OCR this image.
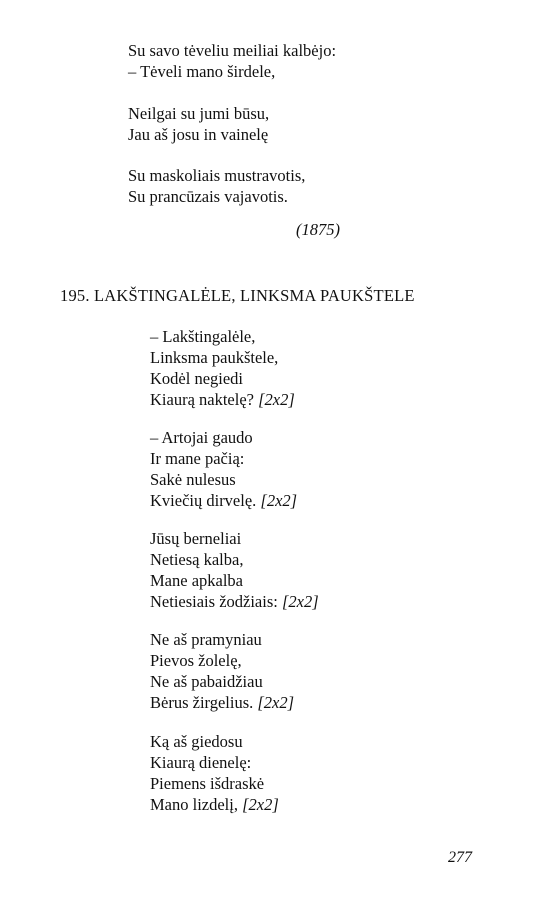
Su savo tėveliu meiliai kalbėjo:
– Tėveli mano širdele,
Neilgai su jumi būsu,
Jau aš josu in vainelę
Su maskoliais mustravotis,
Su prancūzais vajavotis.
(1875)
195. LAKŠTINGALĖLE, LINKSMA PAUKŠTELE
– Lakštingalėle,
Linksma paukštele,
Kodėl negiedi
Kiaurą naktelę? [2x2]
– Artojai gaudo
Ir mane pačią:
Sakė nulesus
Kviečių dirvelę. [2x2]
Jūsų berneliai
Netiesą kalba,
Mane apkalba
Netiesiais žodžiais: [2x2]
Ne aš pramyniau
Pievos žolelę,
Ne aš pabaidžiau
Bėrus žirgelius. [2x2]
Ką aš giedosu
Kiaurą dienelę:
Piemens išdraskė
Mano lizdelį, [2x2]
277
